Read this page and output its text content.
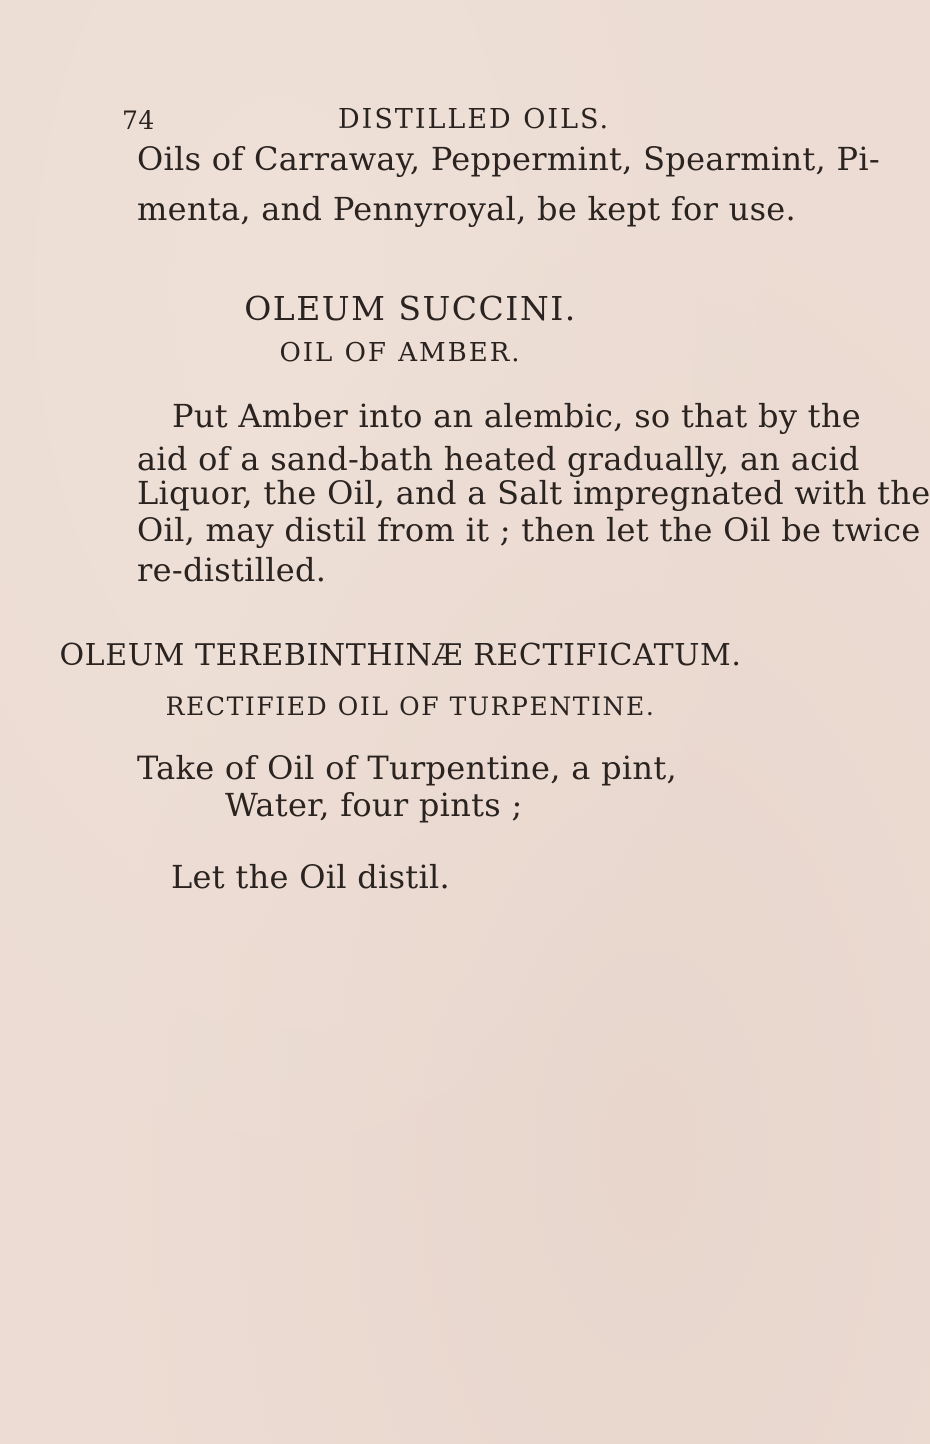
74	DISTILLED OILS.
Oils of Carraway, Peppermint, Spearmint, Pi-
menta, and Pennyroyal, be kept for use.
OLEUM SUCCINI.
OIL OF AMBER.
Put Amber into an alembic, so that by the
aid of a sand-bath heated gradually, an acid
Liquor, the Oil, and a Salt impregnated with the
Oil, may distil from it ; then let the Oil be twice
re-distilled.
OLEUM TEREBINTHINÆ RECTIFICATUM.
RECTIFIED OIL OF TURPENTINE.
Take of Oil of Turpentine, a pint,
Water, four pints ;
Let the Oil distil.
